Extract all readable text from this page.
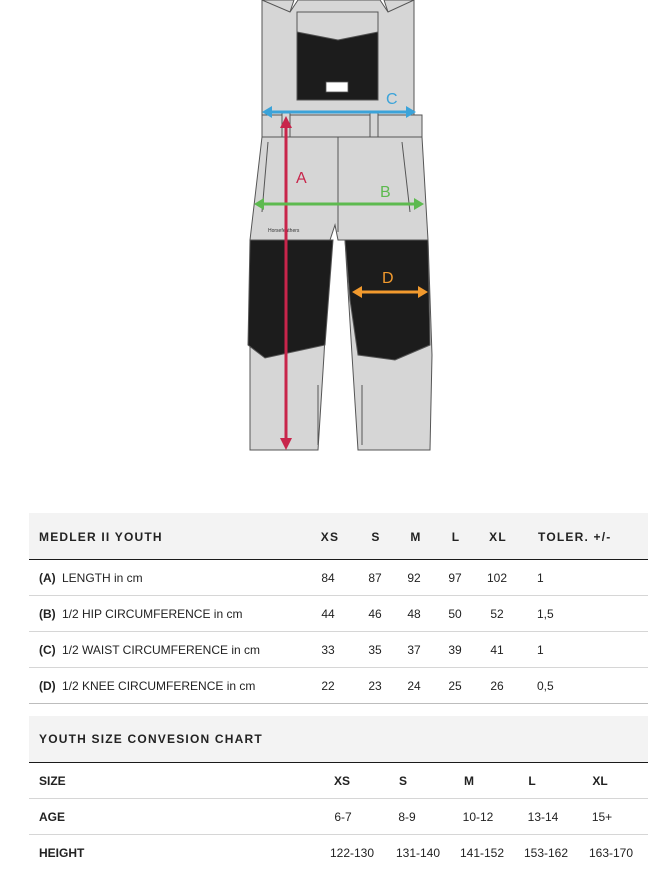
Horsefeathers
C
A
B
D
MEDLER II YOUTH	XS	S M	L XL	TOLER. +/-
(A) LENGTH in cm	84	87 92 97 102 1
(B) 1/2 HIP CIRCUMFERENCE in cm	44	46 48 50 52	1,5
(C) 1/2 WAIST CIRCUMFERENCE in cm	33	35 37 39 41	1
(D) 1/2 KNEE CIRCUMFERENCE in cm	22	23 24 25 26	0,5
YOUTH SIZE CONVESION CHART
SIZE	XS	S	M	L	XL
AGE	6-7	8-9	10-12	13-14	15+
HEIGHT	122-130 131-140 141-152 153-162 163-170
